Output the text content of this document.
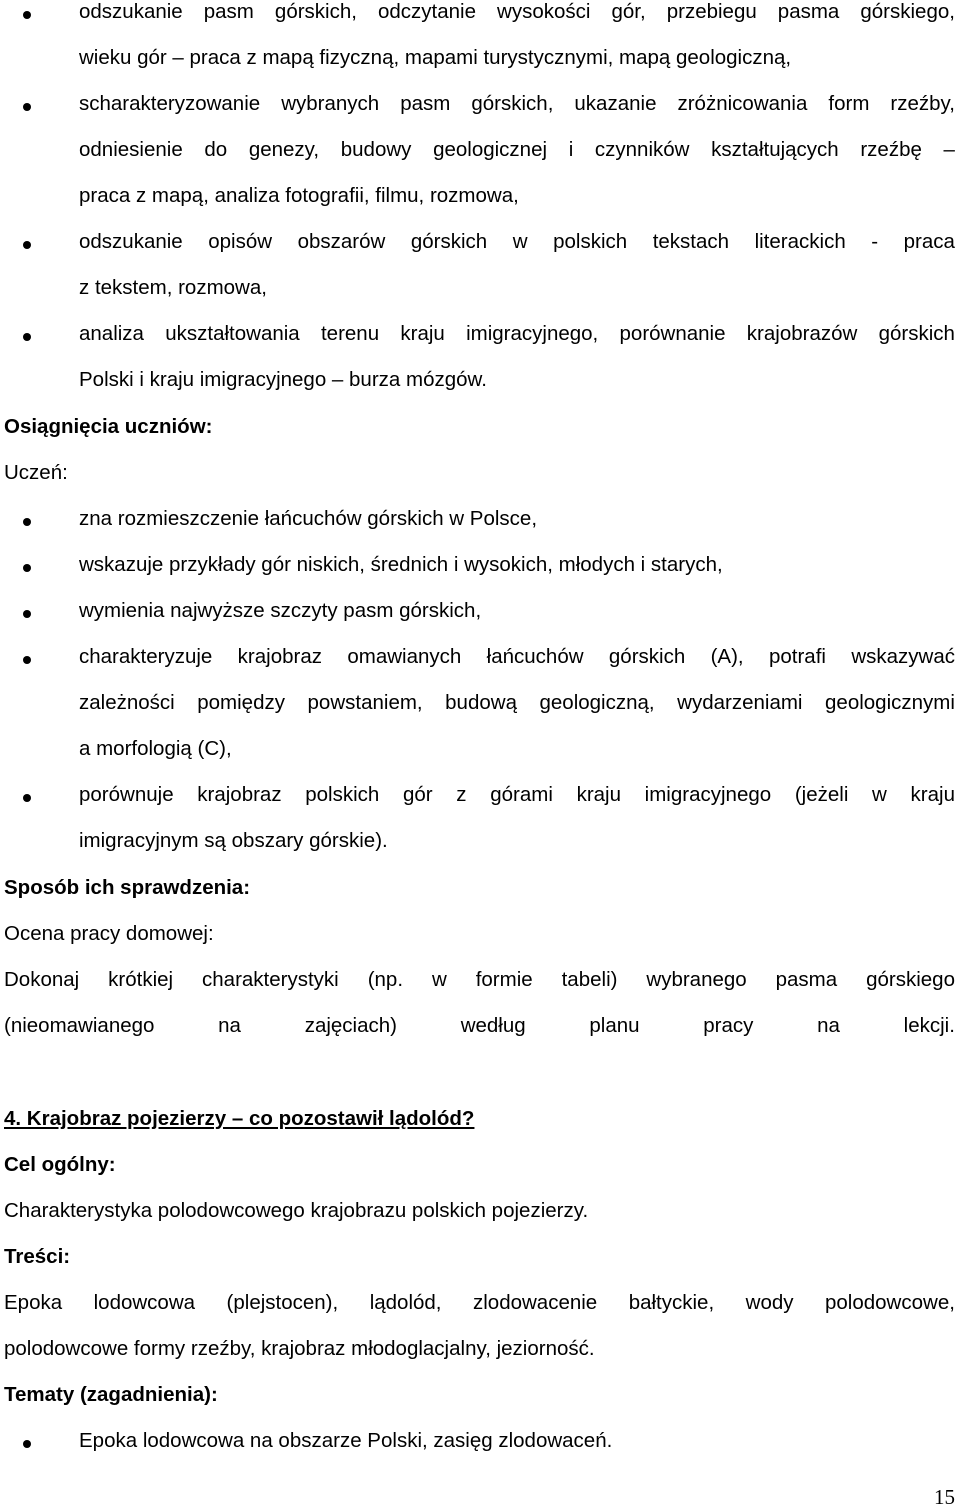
odszukanie pasm górskich, odczytanie wysokości gór, przebiegu pasma górskiego,
wieku gór – praca z mapą fizyczną, mapami turystycznymi, mapą geologiczną,
scharakteryzowanie wybranych pasm górskich, ukazanie zróżnicowania form rzeźby,
odniesienie do genezy, budowy geologicznej i czynników kształtujących rzeźbę –
praca z mapą, analiza fotografii, filmu, rozmowa,
odszukanie opisów obszarów górskich w polskich tekstach literackich - praca
z tekstem, rozmowa,
analiza ukształtowania terenu kraju imigracyjnego, porównanie krajobrazów górskich
Polski i kraju imigracyjnego – burza mózgów.
Osiągnięcia uczniów:
Uczeń:
zna rozmieszczenie łańcuchów górskich w Polsce,
wskazuje przykłady gór niskich, średnich i wysokich, młodych i starych,
wymienia najwyższe szczyty pasm górskich,
charakteryzuje krajobraz omawianych łańcuchów górskich (A), potrafi wskazywać
zależności pomiędzy powstaniem, budową geologiczną, wydarzeniami geologicznymi
a morfologią (C),
porównuje krajobraz polskich gór z górami kraju imigracyjnego (jeżeli w kraju
imigracyjnym są obszary górskie).
Sposób ich sprawdzenia:
Ocena pracy domowej:
Dokonaj krótkiej charakterystyki (np. w formie tabeli) wybranego pasma górskiego
(nieomawianego	na	zajęciach)	według	planu	pracy	na	lekcji.
4. Krajobraz pojezierzy – co pozostawił lądolód?
Cel ogólny:
Charakterystyka polodowcowego krajobrazu polskich pojezierzy.
Treści:
Epoka lodowcowa (plejstocen), lądolód, zlodowacenie bałtyckie, wody polodowcowe,
polodowcowe formy rzeźby, krajobraz młodoglacjalny, jeziorność.
Tematy (zagadnienia):
Epoka lodowcowa na obszarze Polski, zasięg zlodowaceń.
15
